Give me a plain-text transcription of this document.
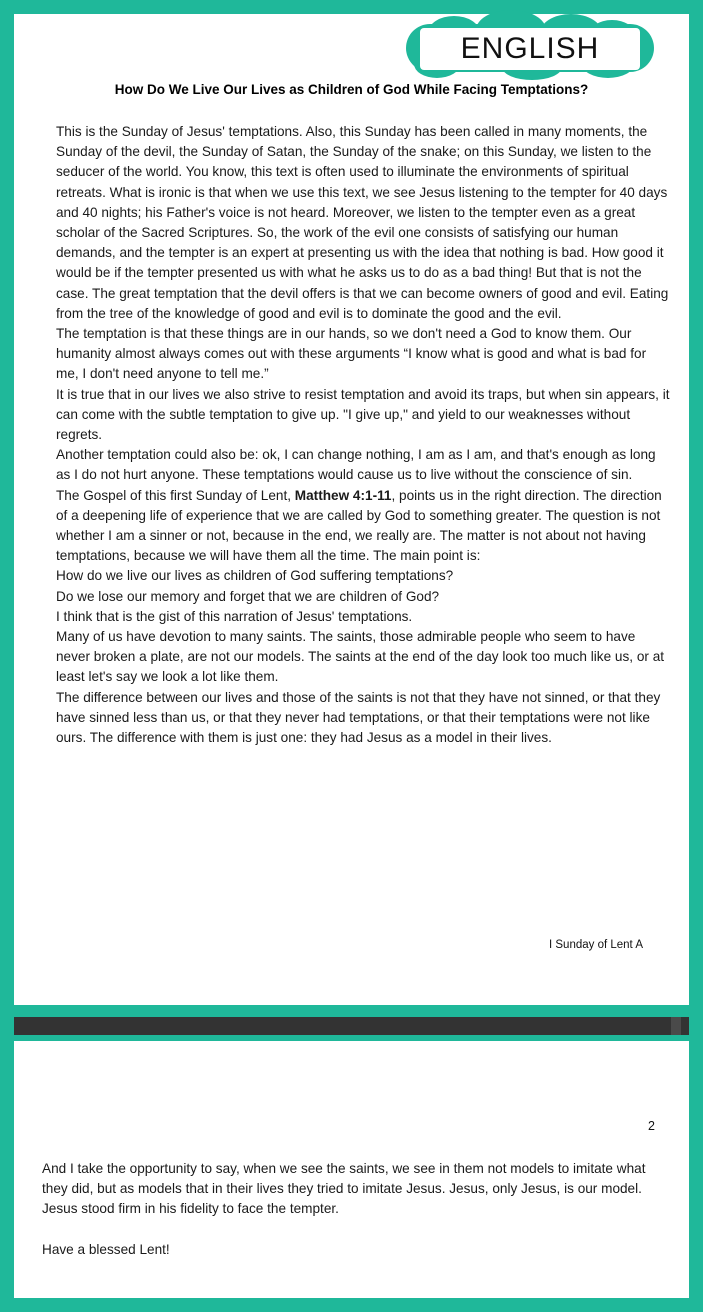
ENGLISH
How Do We Live Our Lives as Children of God While Facing Temptations?

This is the Sunday of Jesus' temptations. Also, this Sunday has been called in many moments, the Sunday of the devil, the Sunday of Satan, the Sunday of the snake; on this Sunday, we listen to the seducer of the world. You know, this text is often used to illuminate the environments of spiritual retreats. What is ironic is that when we use this text, we see Jesus listening to the tempter for 40 days and 40 nights; his Father's voice is not heard. Moreover, we listen to the tempter even as a great scholar of the Sacred Scriptures. So, the work of the evil one consists of satisfying our human demands, and the tempter is an expert at presenting us with the idea that nothing is bad. How good it would be if the tempter presented us with what he asks us to do as a bad thing! But that is not the case. The great temptation that the devil offers is that we can become owners of good and evil. Eating from the tree of the knowledge of good and evil is to dominate the good and the evil.

The temptation is that these things are in our hands, so we don't need a God to know them. Our humanity almost always comes out with these arguments “I know what is good and what is bad for me, I don't need anyone to tell me.”

It is true that in our lives we also strive to resist temptation and avoid its traps, but when sin appears, it can come with the subtle temptation to give up. "I give up," and yield to our weaknesses without regrets.

Another temptation could also be: ok, I can change nothing, I am as I am, and that's enough as long as I do not hurt anyone. These temptations would cause us to live without the conscience of sin.

The Gospel of this first Sunday of Lent, Matthew 4:1-11, points us in the right direction. The direction of a deepening life of experience that we are called by God to something greater. The question is not whether I am a sinner or not, because in the end, we really are. The matter is not about not having temptations, because we will have them all the time. The main point is:

How do we live our lives as children of God suffering temptations?

Do we lose our memory and forget that we are children of God?

I think that is the gist of this narration of Jesus' temptations.

Many of us have devotion to many saints. The saints, those admirable people who seem to have never broken a plate, are not our models. The saints at the end of the day look too much like us, or at least let's say we look a lot like them.

The difference between our lives and those of the saints is not that they have not sinned, or that they have sinned less than us, or that they never had temptations, or that their temptations were not like ours. The difference with them is just one: they had Jesus as a model in their lives.

I Sunday of Lent A
2

And I take the opportunity to say, when we see the saints, we see in them not models to imitate what they did, but as models that in their lives they tried to imitate Jesus. Jesus, only Jesus, is our model.

Jesus stood firm in his fidelity to face the tempter.

Have a blessed Lent!
